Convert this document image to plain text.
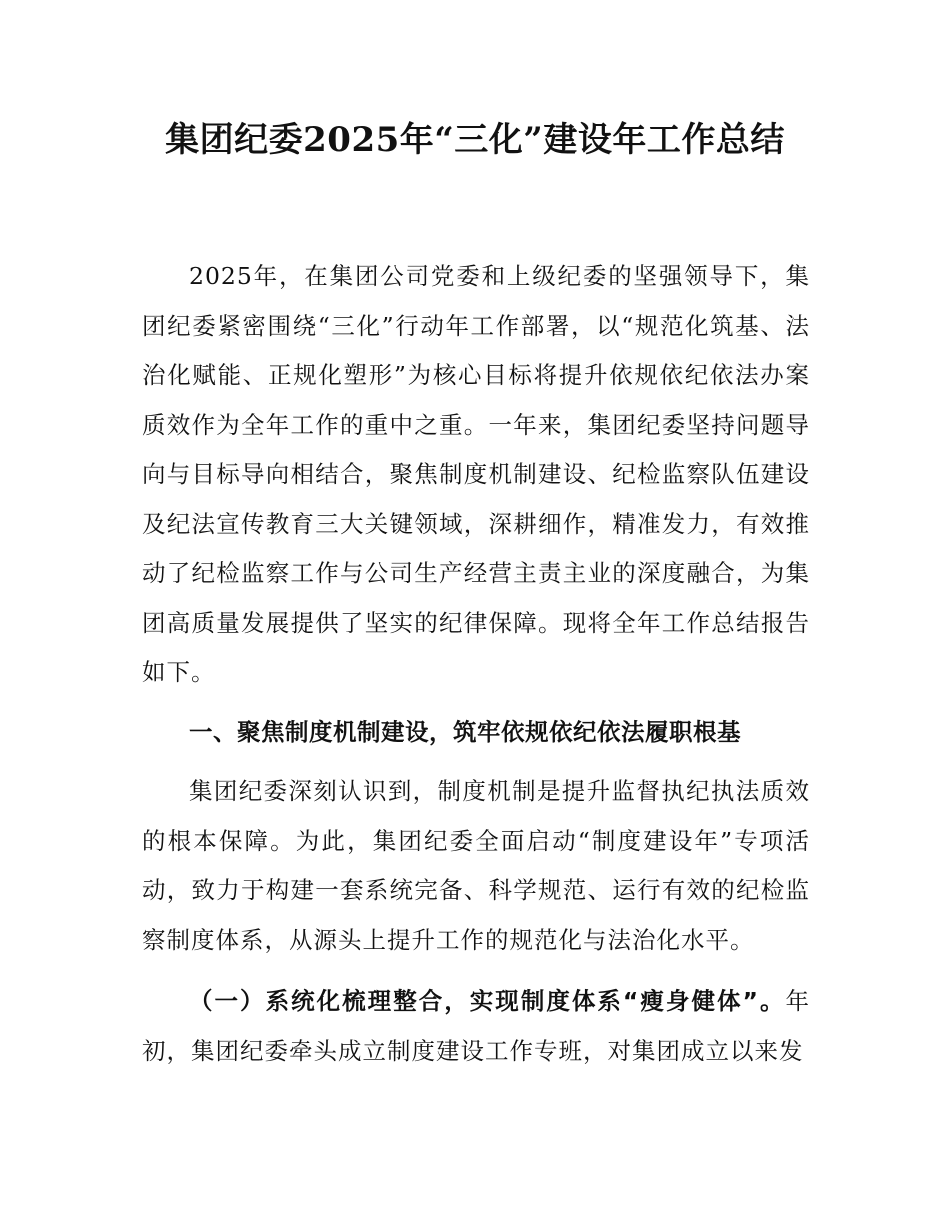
集团纪委2025年“三化”建设年工作总结

2025年，在集团公司党委和上级纪委的坚强领导下，集团纪委紧密围绕“三化”行动年工作部署，以“规范化筑基、法治化赋能、正规化塑形”为核心目标将提升依规依纪依法办案质效作为全年工作的重中之重。一年来，集团纪委坚持问题导向与目标导向相结合，聚焦制度机制建设、纪检监察队伍建设及纪法宣传教育三大关键领域，深耕细作，精准发力，有效推动了纪检监察工作与公司生产经营主责主业的深度融合，为集团高质量发展提供了坚实的纪律保障。现将全年工作总结报告如下。

一、聚焦制度机制建设，筑牢依规依纪依法履职根基

集团纪委深刻认识到，制度机制是提升监督执纪执法质效的根本保障。为此，集团纪委全面启动“制度建设年”专项活动，致力于构建一套系统完备、科学规范、运行有效的纪检监察制度体系，从源头上提升工作的规范化与法治化水平。

（一）系统化梳理整合，实现制度体系“瘦身健体”。年初，集团纪委牵头成立制度建设工作专班，对集团成立以来发
